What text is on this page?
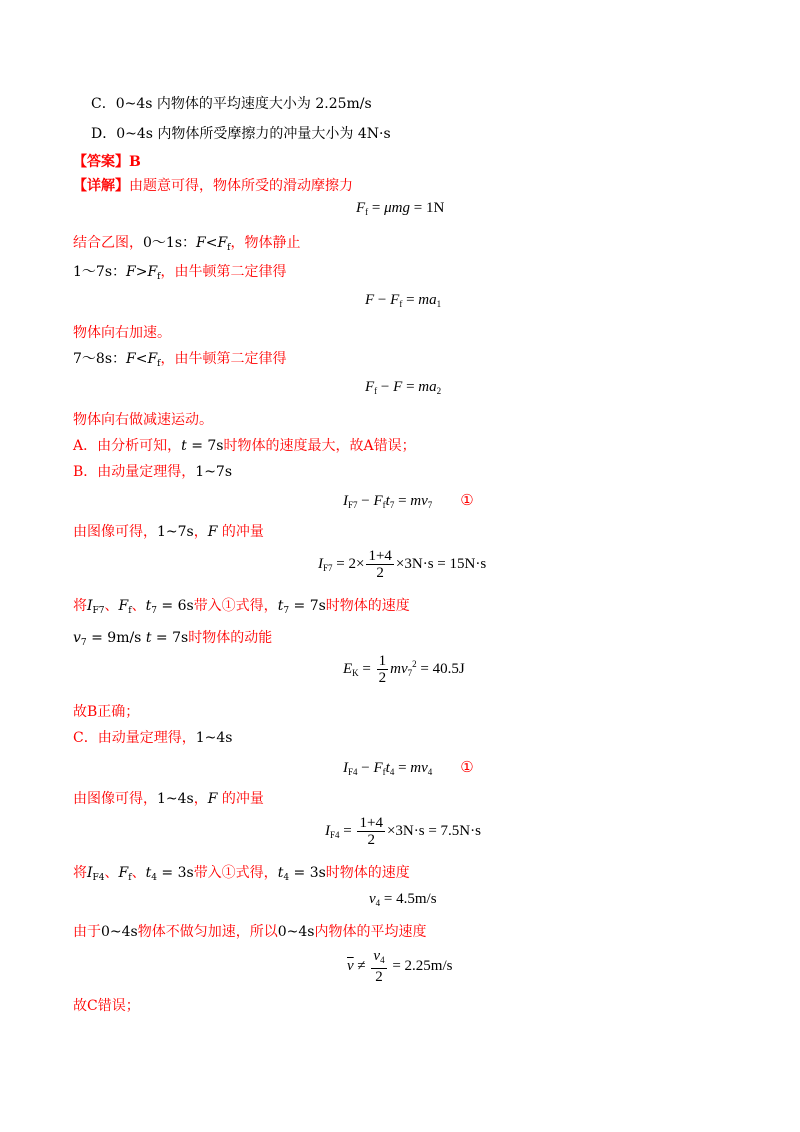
C．0~4s 内物体的平均速度大小为 2.25m/s
D．0~4s 内物体所受摩擦力的冲量大小为 4N·s
【答案】B
【详解】由题意可得，物体所受的滑动摩擦力
$F_f = \mu mg = 1N$
结合乙图，0～1s：$F<F_f$，物体静止
1～7s：$F>F_f$，由牛顿第二定律得
$F - F_f = ma_1$
物体向右加速。
7～8s：$F<F_f$，由牛顿第二定律得
$F_f - F = ma_2$
物体向右做减速运动。
A．由分析可知，t = 7s时物体的速度最大，故A错误；
B．由动量定理得，1~7s
$I_{F7} - F_ft_7 = mv_7$ ①
由图像可得，1~7s，F 的冲量
$I_{F7} = 2\times \frac{1+4}{2} \times 3N\cdot s = 15N\cdot s$
将$I_{F7}$、$F_f$、$t_7 = 6s$带入①式得，$t_7 = 7s$时物体的速度
$v_7 = 9m/s$ t = 7s时物体的动能
$E_K = \frac{1}{2} mv_7^2 = 40.5J$
故B正确；
C．由动量定理得，1~4s
$I_{F4} - F_ft_4 = mv_4$ ①
由图像可得，1~4s，F 的冲量
$I_{F4} = \frac{1+4}{2} \times 3N\cdot s = 7.5N\cdot s$
将$I_{F4}$、$F_f$、$t_4 = 3s$带入①式得，$t_4 = 3s$时物体的速度
$v_4 = 4.5m/s$
由于0~4s物体不做匀加速，所以0~4s内物体的平均速度
$\overline{v} \ne \frac{v_4}{2} = 2.25m/s$
故C错误；
